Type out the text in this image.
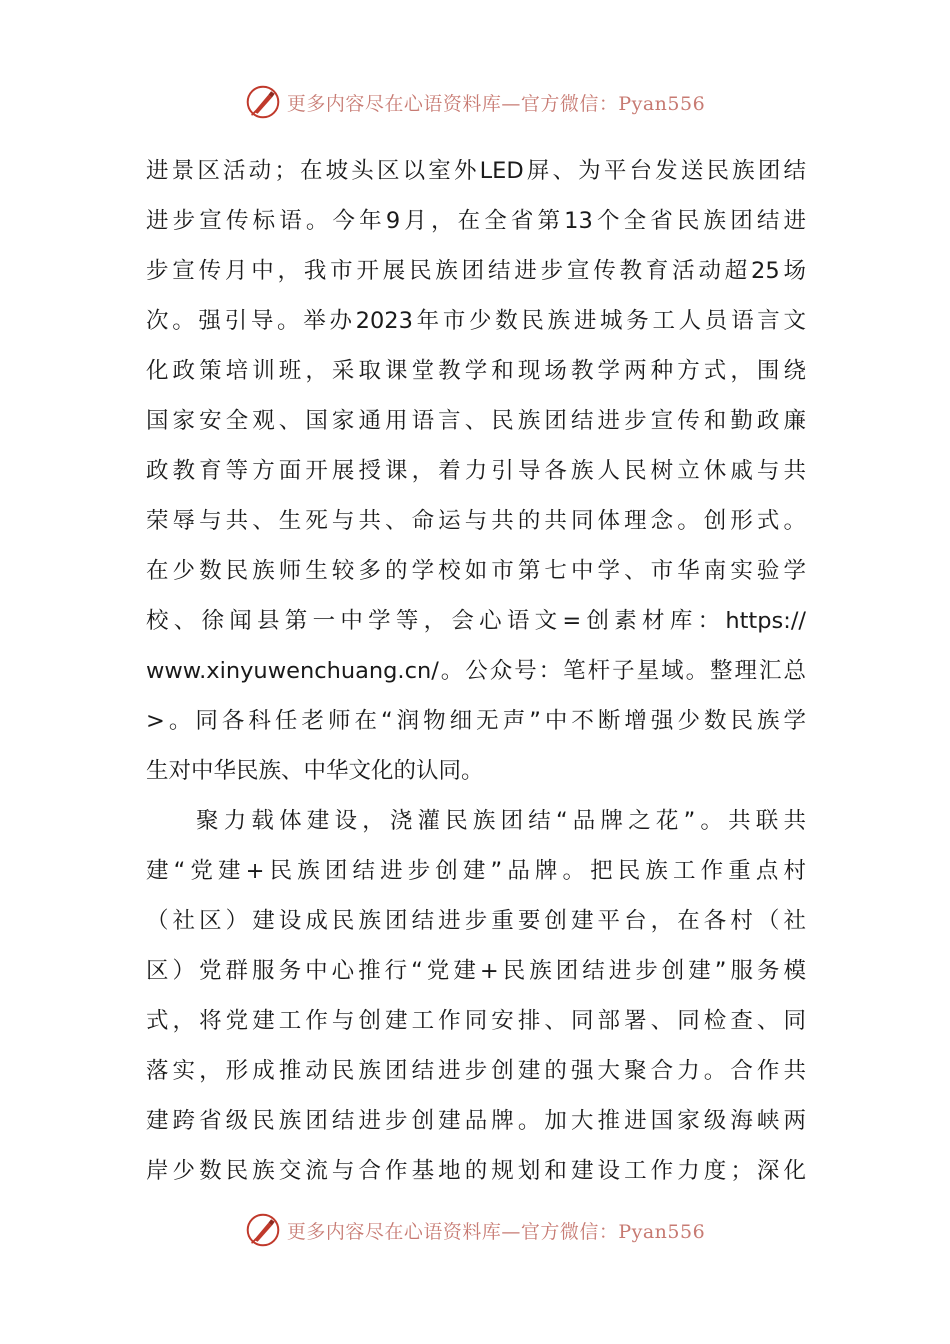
更多内容尽在心语资料库—官方微信：Pyan556
进景区活动；在坡头区以室外LED屏、为平台发送民族团结
进步宣传标语。今年9月，在全省第13个全省民族团结进
步宣传月中，我市开展民族团结进步宣传教育活动超25场
次。强引导。举办2023年市少数民族进城务工人员语言文
化政策培训班，采取课堂教学和现场教学两种方式，围绕
国家安全观、国家通用语言、民族团结进步宣传和勤政廉
政教育等方面开展授课，着力引导各族人民树立休戚与共
荣辱与共、生死与共、命运与共的共同体理念。创形式。
在少数民族师生较多的学校如市第七中学、市华南实验学
校、徐闻县第一中学等，会心语文=创素材库：https://
www.xinyuwenchuang.cn/。公众号：笔杆子星域。整理汇总
>。同各科任老师在“润物细无声”中不断增强少数民族学
生对中华民族、中华文化的认同。
聚力载体建设，浇灌民族团结“品牌之花”。共联共
建“党建+民族团结进步创建”品牌。把民族工作重点村
（社区）建设成民族团结进步重要创建平台，在各村（社
区）党群服务中心推行“党建+民族团结进步创建”服务模
式，将党建工作与创建工作同安排、同部署、同检查、同
落实，形成推动民族团结进步创建的强大聚合力。合作共
建跨省级民族团结进步创建品牌。加大推进国家级海峡两
岸少数民族交流与合作基地的规划和建设工作力度；深化
更多内容尽在心语资料库—官方微信：Pyan556
